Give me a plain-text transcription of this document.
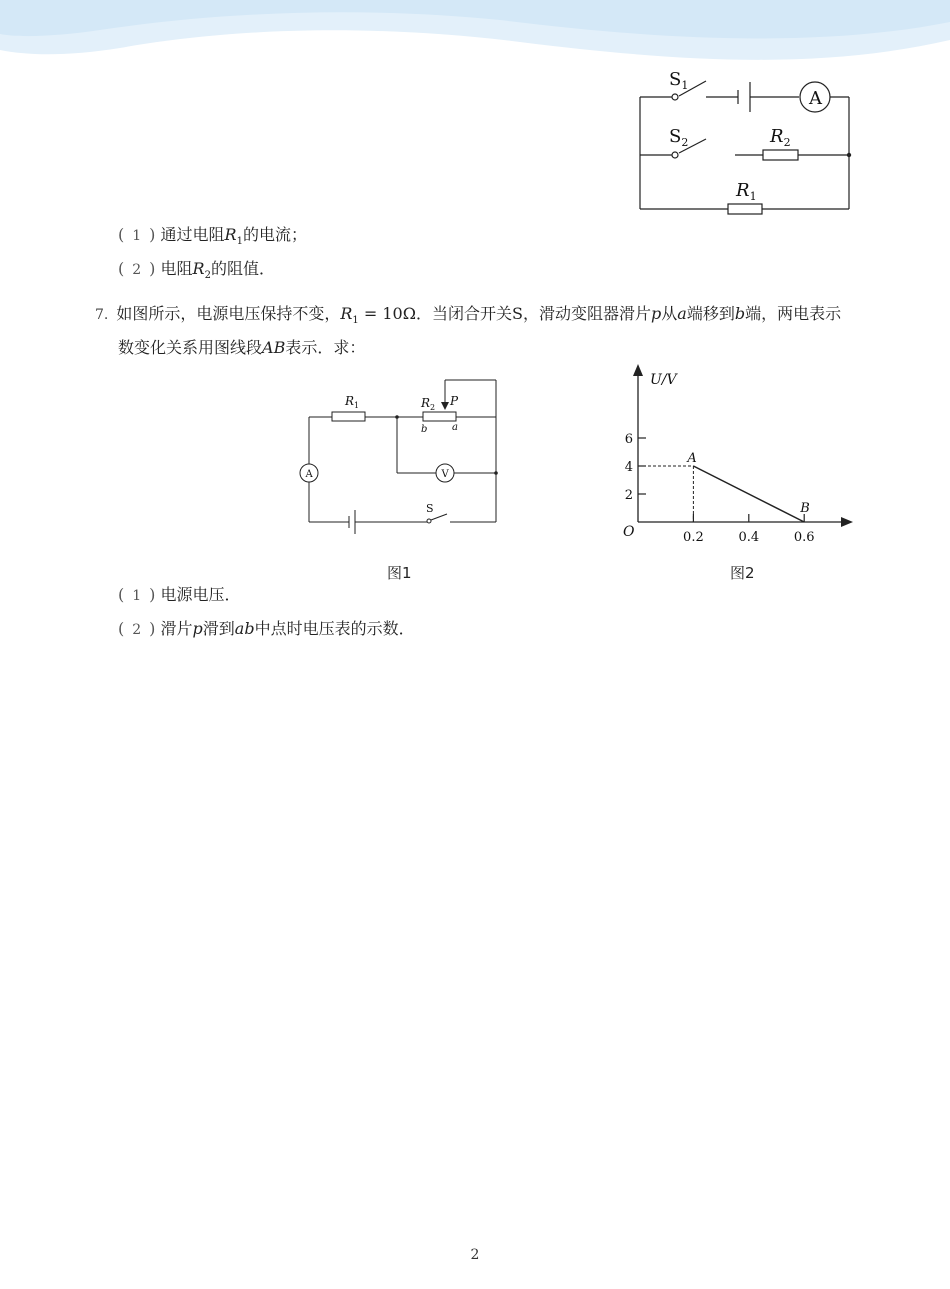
$S_1$
$S_2$
A
$R_2$
$R_1$
( 1 ) 通过电阻$R_1$的电流；
( 2 ) 电阻$R_2$的阻值．
7. 如图所示，电源电压保持不变，$R_1 = 10\Omega$．当闭合开关S，滑动变阻器滑片p从a端移到b端，两电表示
数变化关系用图线段AB表示．求：
$R_1$	$R_2$ P
b a
A	V
S
图1
U/V
O
A
B
2
4
6
0.2	0.4	0.6
图2
( 1 ) 电源电压．
( 2 ) 滑片p滑到ab中点时电压表的示数．
2
